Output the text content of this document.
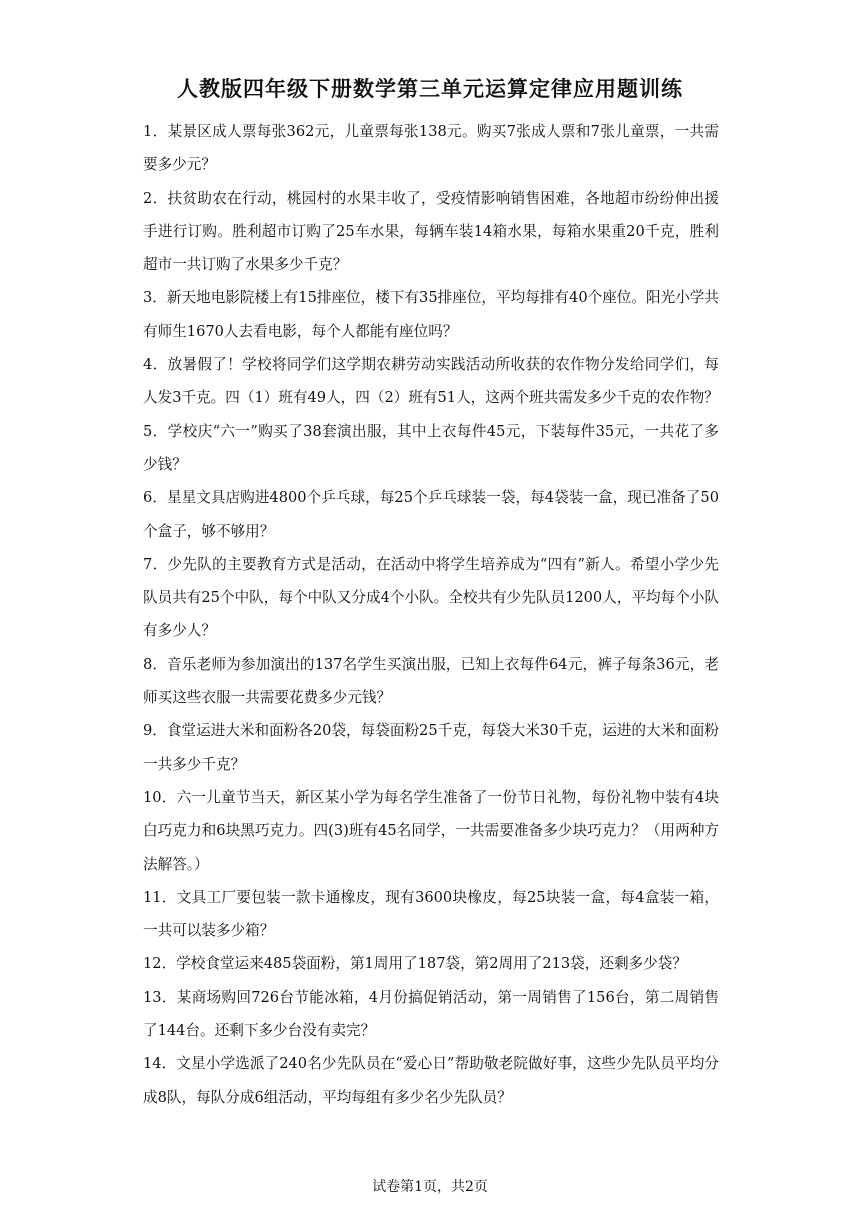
人教版四年级下册数学第三单元运算定律应用题训练

1．某景区成人票每张362元，儿童票每张138元。购买7张成人票和7张儿童票，一共需要多少元？

2．扶贫助农在行动，桃园村的水果丰收了，受疫情影响销售困难，各地超市纷纷伸出援手进行订购。胜利超市订购了25车水果，每辆车装14箱水果，每箱水果重20千克，胜利超市一共订购了水果多少千克？

3．新天地电影院楼上有15排座位，楼下有35排座位，平均每排有40个座位。阳光小学共有师生1670人去看电影，每个人都能有座位吗？

4．放暑假了！学校将同学们这学期农耕劳动实践活动所收获的农作物分发给同学们，每人发3千克。四（1）班有49人，四（2）班有51人，这两个班共需发多少千克的农作物？

5．学校庆“六一”购买了38套演出服，其中上衣每件45元，下装每件35元，一共花了多少钱？

6．星星文具店购进4800个乒乓球，每25个乒乓球装一袋，每4袋装一盒，现已准备了50个盒子，够不够用？

7．少先队的主要教育方式是活动，在活动中将学生培养成为“四有”新人。希望小学少先队员共有25个中队，每个中队又分成4个小队。全校共有少先队员1200人，平均每个小队有多少人？

8．音乐老师为参加演出的137名学生买演出服，已知上衣每件64元，裤子每条36元，老师买这些衣服一共需要花费多少元钱？

9．食堂运进大米和面粉各20袋，每袋面粉25千克，每袋大米30千克，运进的大米和面粉一共多少千克？

10．六一儿童节当天，新区某小学为每名学生准备了一份节日礼物，每份礼物中装有4块白巧克力和6块黑巧克力。四(3)班有45名同学，一共需要准备多少块巧克力？（用两种方法解答。）

11．文具工厂要包装一款卡通橡皮，现有3600块橡皮，每25块装一盒，每4盒装一箱，一共可以装多少箱？

12．学校食堂运来485袋面粉，第1周用了187袋，第2周用了213袋，还剩多少袋？

13．某商场购回726台节能冰箱，4月份搞促销活动，第一周销售了156台，第二周销售了144台。还剩下多少台没有卖完？

14．文星小学选派了240名少先队员在“爱心日”帮助敬老院做好事，这些少先队员平均分成8队，每队分成6组活动，平均每组有多少名少先队员？

试卷第1页，共2页
